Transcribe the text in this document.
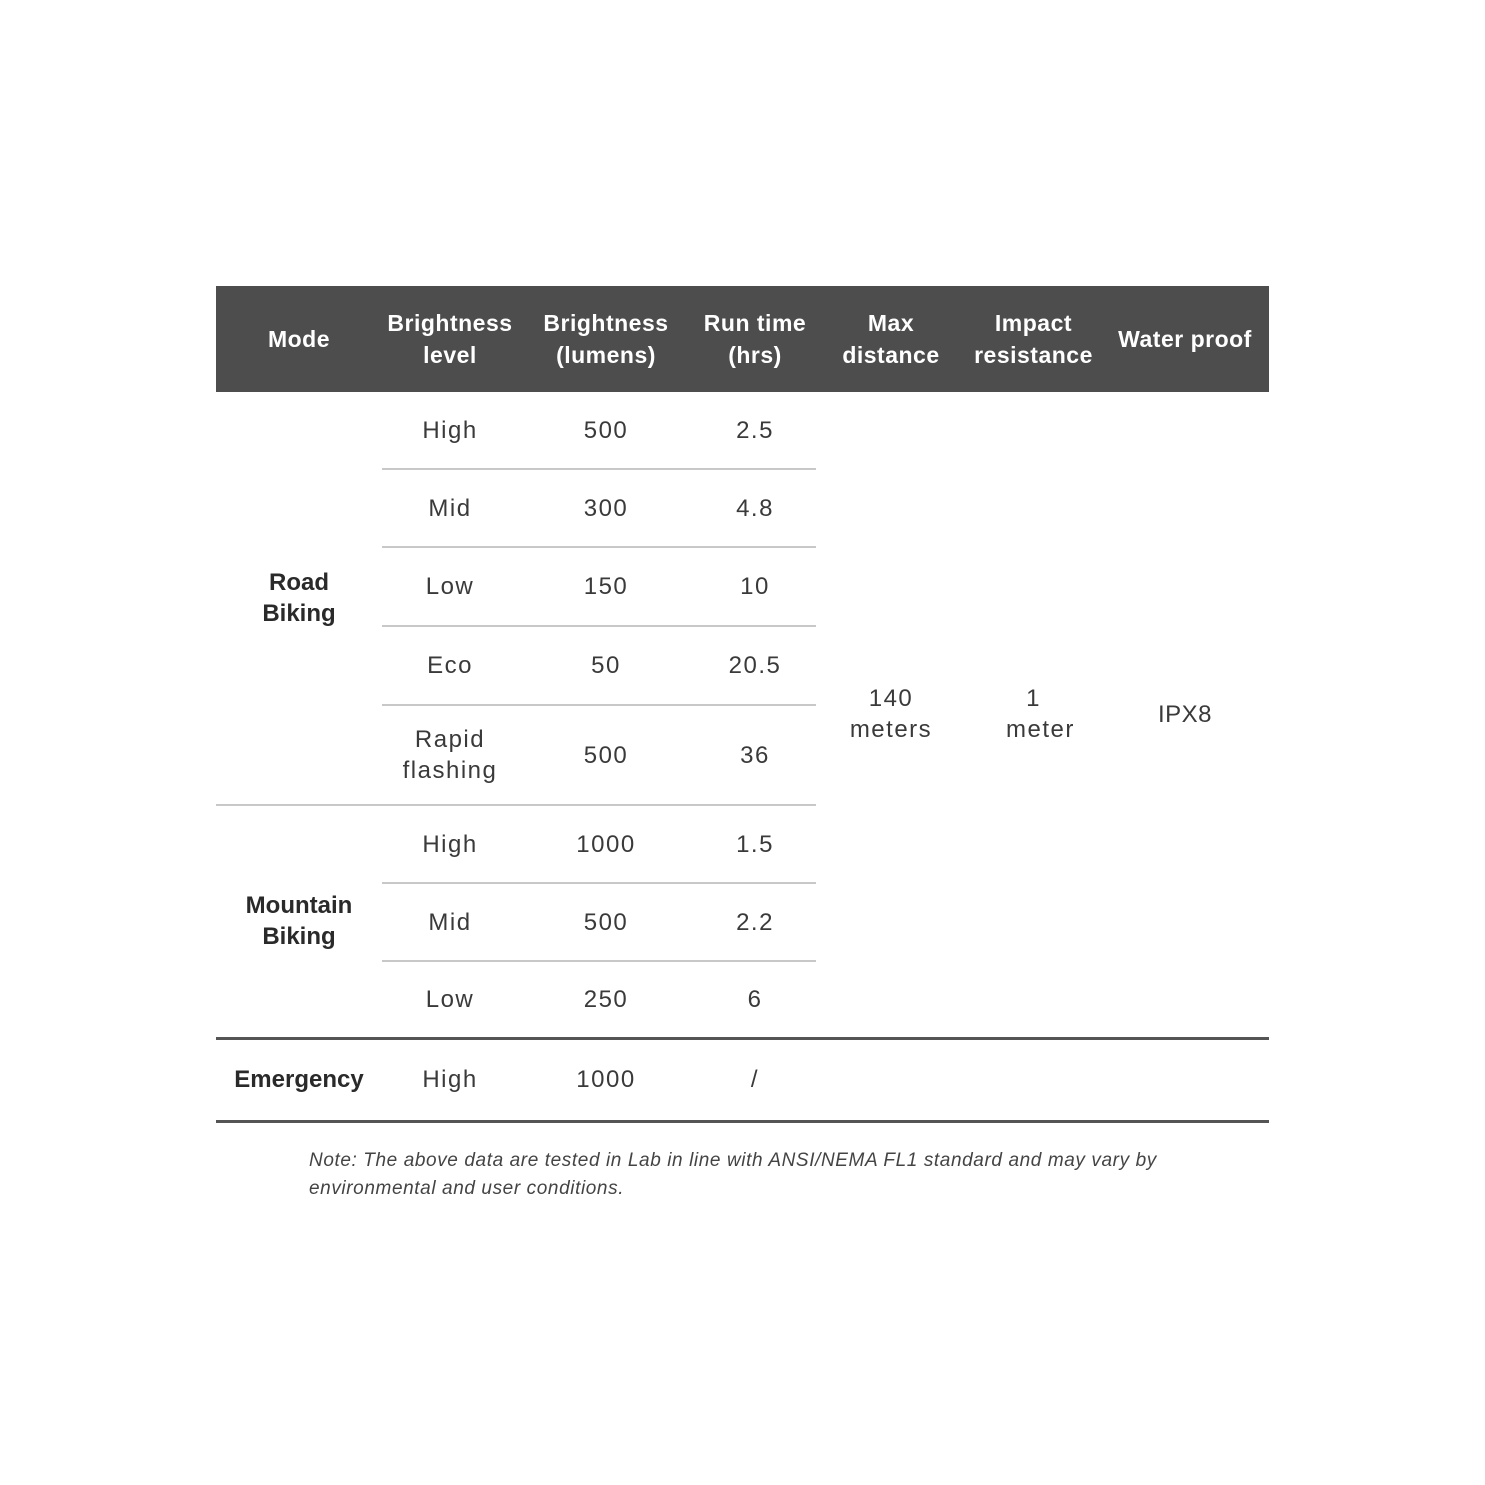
Mode	Brightness level	Brightness (lumens)	Run time (hrs)	Max distance	Impact resistance	Water proof
Road Biking	High	500	2.5	140 meters	1 meter	IPX8
	Mid	300	4.8			
	Low	150	10			
	Eco	50	20.5			
	Rapid flashing	500	36			
Mountain Biking	High	1000	1.5			
	Mid	500	2.2			
	Low	250	6			
Emergency	High	1000	/			

Note: The above data are tested in Lab in line with ANSI/NEMA FL1 standard and may vary by environmental and user conditions.
